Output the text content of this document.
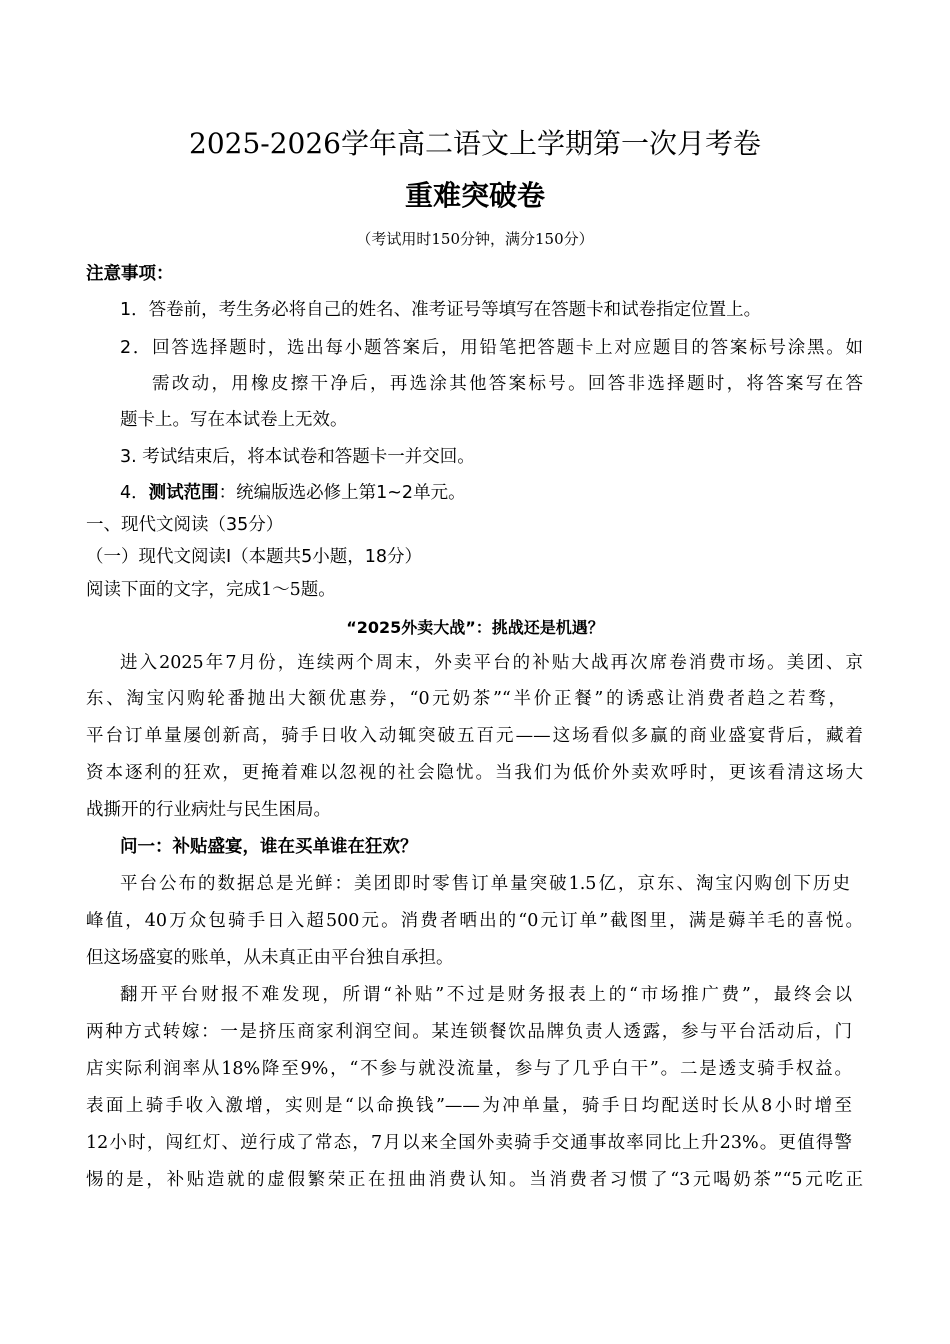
2025-2026学年高二语文上学期第一次月考卷
重难突破卷
（考试用时150分钟，满分150分）
注意事项：
1．答卷前，考生务必将自己的姓名、准考证号等填写在答题卡和试卷指定位置上。
2．回答选择题时，选出每小题答案后，用铅笔把答题卡上对应题目的答案标号涂黑。如
需改动，用橡皮擦干净后，再选涂其他答案标号。回答非选择题时，将答案写在答
题卡上。写在本试卷上无效。
3. 考试结束后，将本试卷和答题卡一并交回。
4．测试范围：统编版选必修上第1~2单元。
一、现代文阅读（35分）
（一）现代文阅读Ⅰ（本题共5小题，18分）
阅读下面的文字，完成1～5题。
“2025外卖大战”：挑战还是机遇？
进入2025年7月份，连续两个周末，外卖平台的补贴大战再次席卷消费市场。美团、京
东、淘宝闪购轮番抛出大额优惠券，“0元奶茶”“半价正餐”的诱惑让消费者趋之若骛，
平台订单量屡创新高，骑手日收入动辄突破五百元——这场看似多赢的商业盛宴背后，藏着
资本逐利的狂欢，更掩着难以忽视的社会隐忧。当我们为低价外卖欢呼时，更该看清这场大
战撕开的行业病灶与民生困局。
问一：补贴盛宴，谁在买单谁在狂欢？
平台公布的数据总是光鲜：美团即时零售订单量突破1.5亿，京东、淘宝闪购创下历史
峰值，40万众包骑手日入超500元。消费者晒出的“0元订单”截图里，满是薅羊毛的喜悦。
但这场盛宴的账单，从未真正由平台独自承担。
翻开平台财报不难发现，所谓“补贴”不过是财务报表上的“市场推广费”，最终会以
两种方式转嫁：一是挤压商家利润空间。某连锁餐饮品牌负责人透露，参与平台活动后，门
店实际利润率从18%降至9%，“不参与就没流量，参与了几乎白干”。二是透支骑手权益。
表面上骑手收入激增，实则是“以命换钱”——为冲单量，骑手日均配送时长从8小时增至
12小时，闯红灯、逆行成了常态，7月以来全国外卖骑手交通事故率同比上升23%。更值得警
惕的是，补贴造就的虚假繁荣正在扭曲消费认知。当消费者习惯了“3元喝奶茶”“5元吃正
